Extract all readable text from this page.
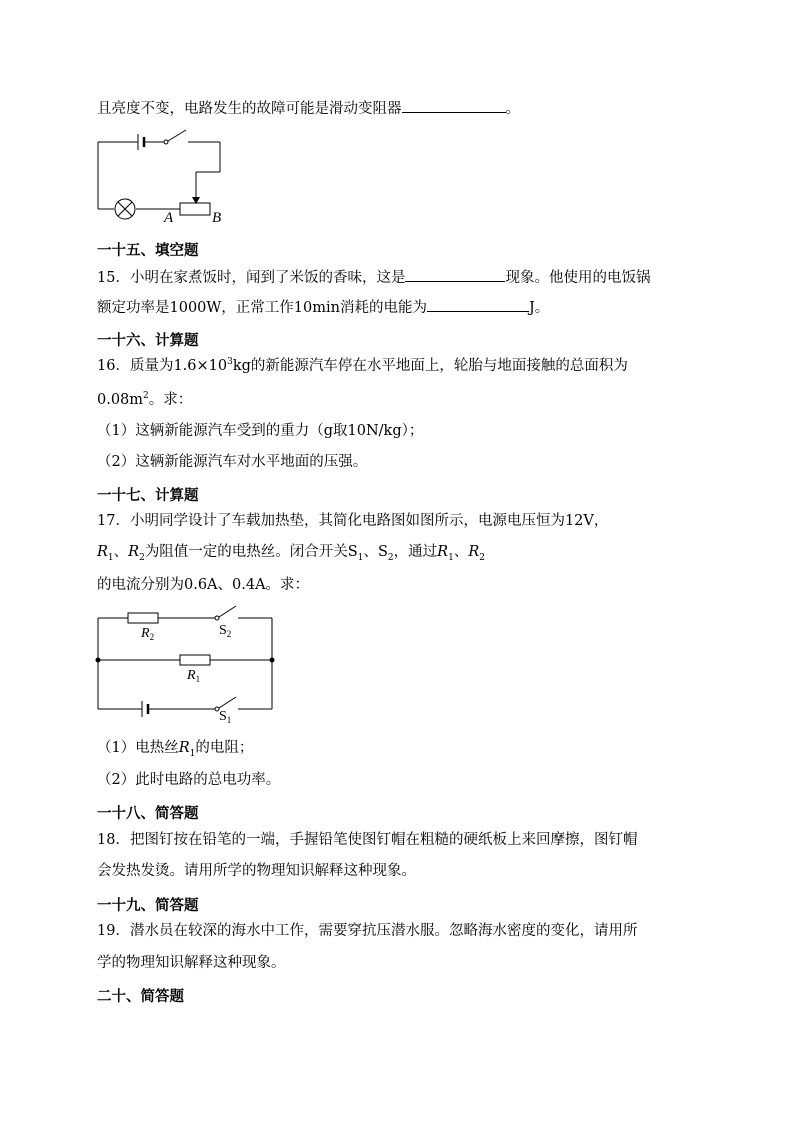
且亮度不变，电路发生的故障可能是滑动变阻器	。
A	B
一十五、填空题
15．小明在家煮饭时，闻到了米饭的香味，这是	现象。他使用的电饭锅
额定功率是1000W，正常工作10min消耗的电能为	J。
一十六、计算题
16．质量为$1.6\times 10^3kg$的新能源汽车停在水平地面上，轮胎与地面接触的总面积为
$0.08m^2$。求：
（1）这辆新能源汽车受到的重力（g取10N/kg）；
（2）这辆新能源汽车对水平地面的压强。
一十七、计算题
17．小明同学设计了车载加热垫，其简化电路图如图所示，电源电压恒为12V，
$R_1$、$R_2$为阻值一定的电热丝。闭合开关$S_1$、$S_2$，通过$R_1$、$R_2$
的电流分别为0.6A、0.4A。求：
$R_2$	$S_2$
$R_1$
$S_1$
（1）电热丝$R_1$的电阻；
（2）此时电路的总电功率。
一十八、简答题
18．把图钉按在铅笔的一端，手握铅笔使图钉帽在粗糙的硬纸板上来回摩擦，图钉帽
会发热发烫。请用所学的物理知识解释这种现象。
一十九、简答题
19．潜水员在较深的海水中工作，需要穿抗压潜水服。忽略海水密度的变化，请用所
学的物理知识解释这种现象。
二十、简答题
